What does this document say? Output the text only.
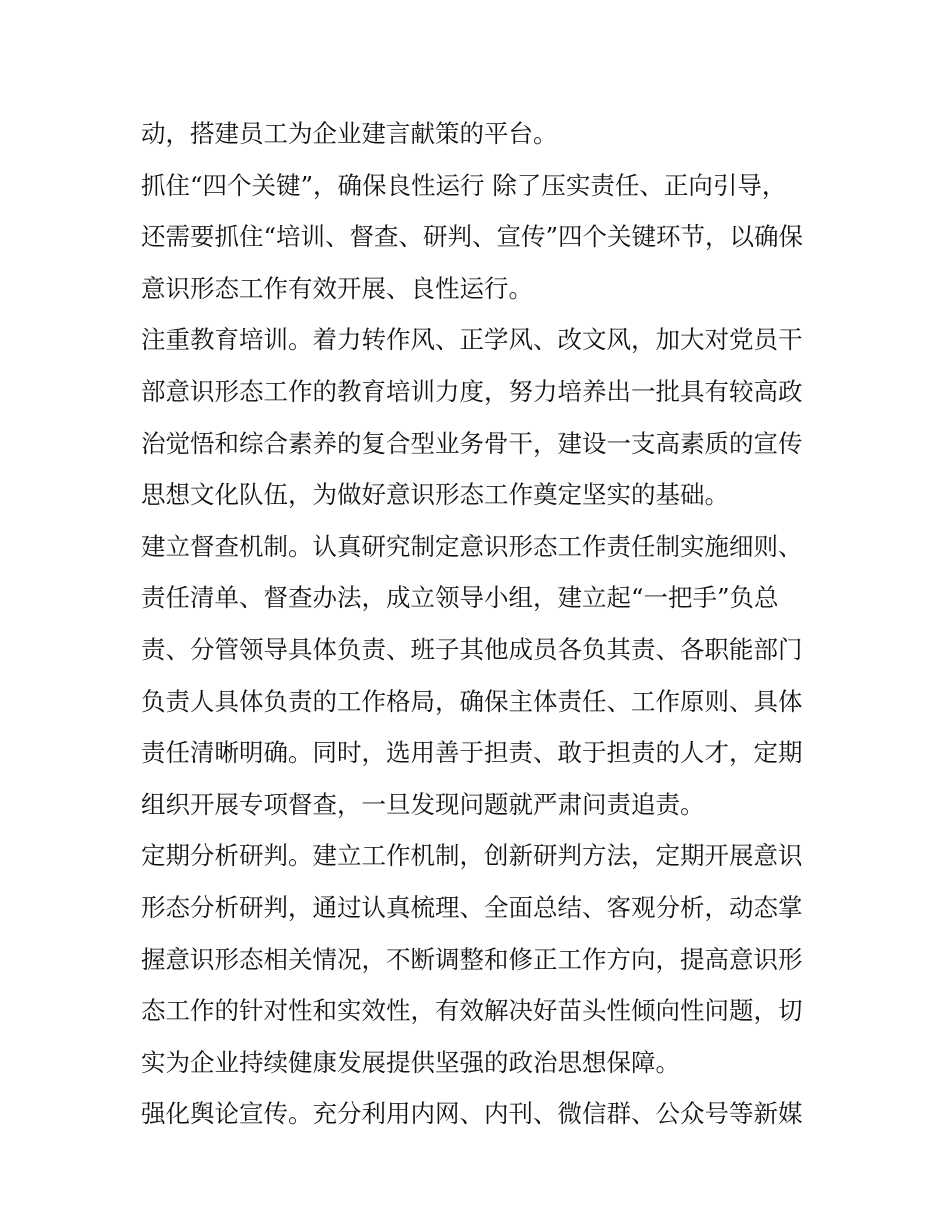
动，搭建员工为企业建言献策的平台。
抓住“四个关键”，确保良性运行 除了压实责任、正向引导，
还需要抓住“培训、督查、研判、宣传”四个关键环节，以确保
意识形态工作有效开展、良性运行。
注重教育培训。着力转作风、正学风、改文风，加大对党员干
部意识形态工作的教育培训力度，努力培养出一批具有较高政
治觉悟和综合素养的复合型业务骨干，建设一支高素质的宣传
思想文化队伍，为做好意识形态工作奠定坚实的基础。
建立督查机制。认真研究制定意识形态工作责任制实施细则、
责任清单、督查办法，成立领导小组，建立起“一把手”负总
责、分管领导具体负责、班子其他成员各负其责、各职能部门
负责人具体负责的工作格局，确保主体责任、工作原则、具体
责任清晰明确。同时，选用善于担责、敢于担责的人才，定期
组织开展专项督查，一旦发现问题就严肃问责追责。
定期分析研判。建立工作机制，创新研判方法，定期开展意识
形态分析研判，通过认真梳理、全面总结、客观分析，动态掌
握意识形态相关情况，不断调整和修正工作方向，提高意识形
态工作的针对性和实效性，有效解决好苗头性倾向性问题，切
实为企业持续健康发展提供坚强的政治思想保障。
强化舆论宣传。充分利用内网、内刊、微信群、公众号等新媒
